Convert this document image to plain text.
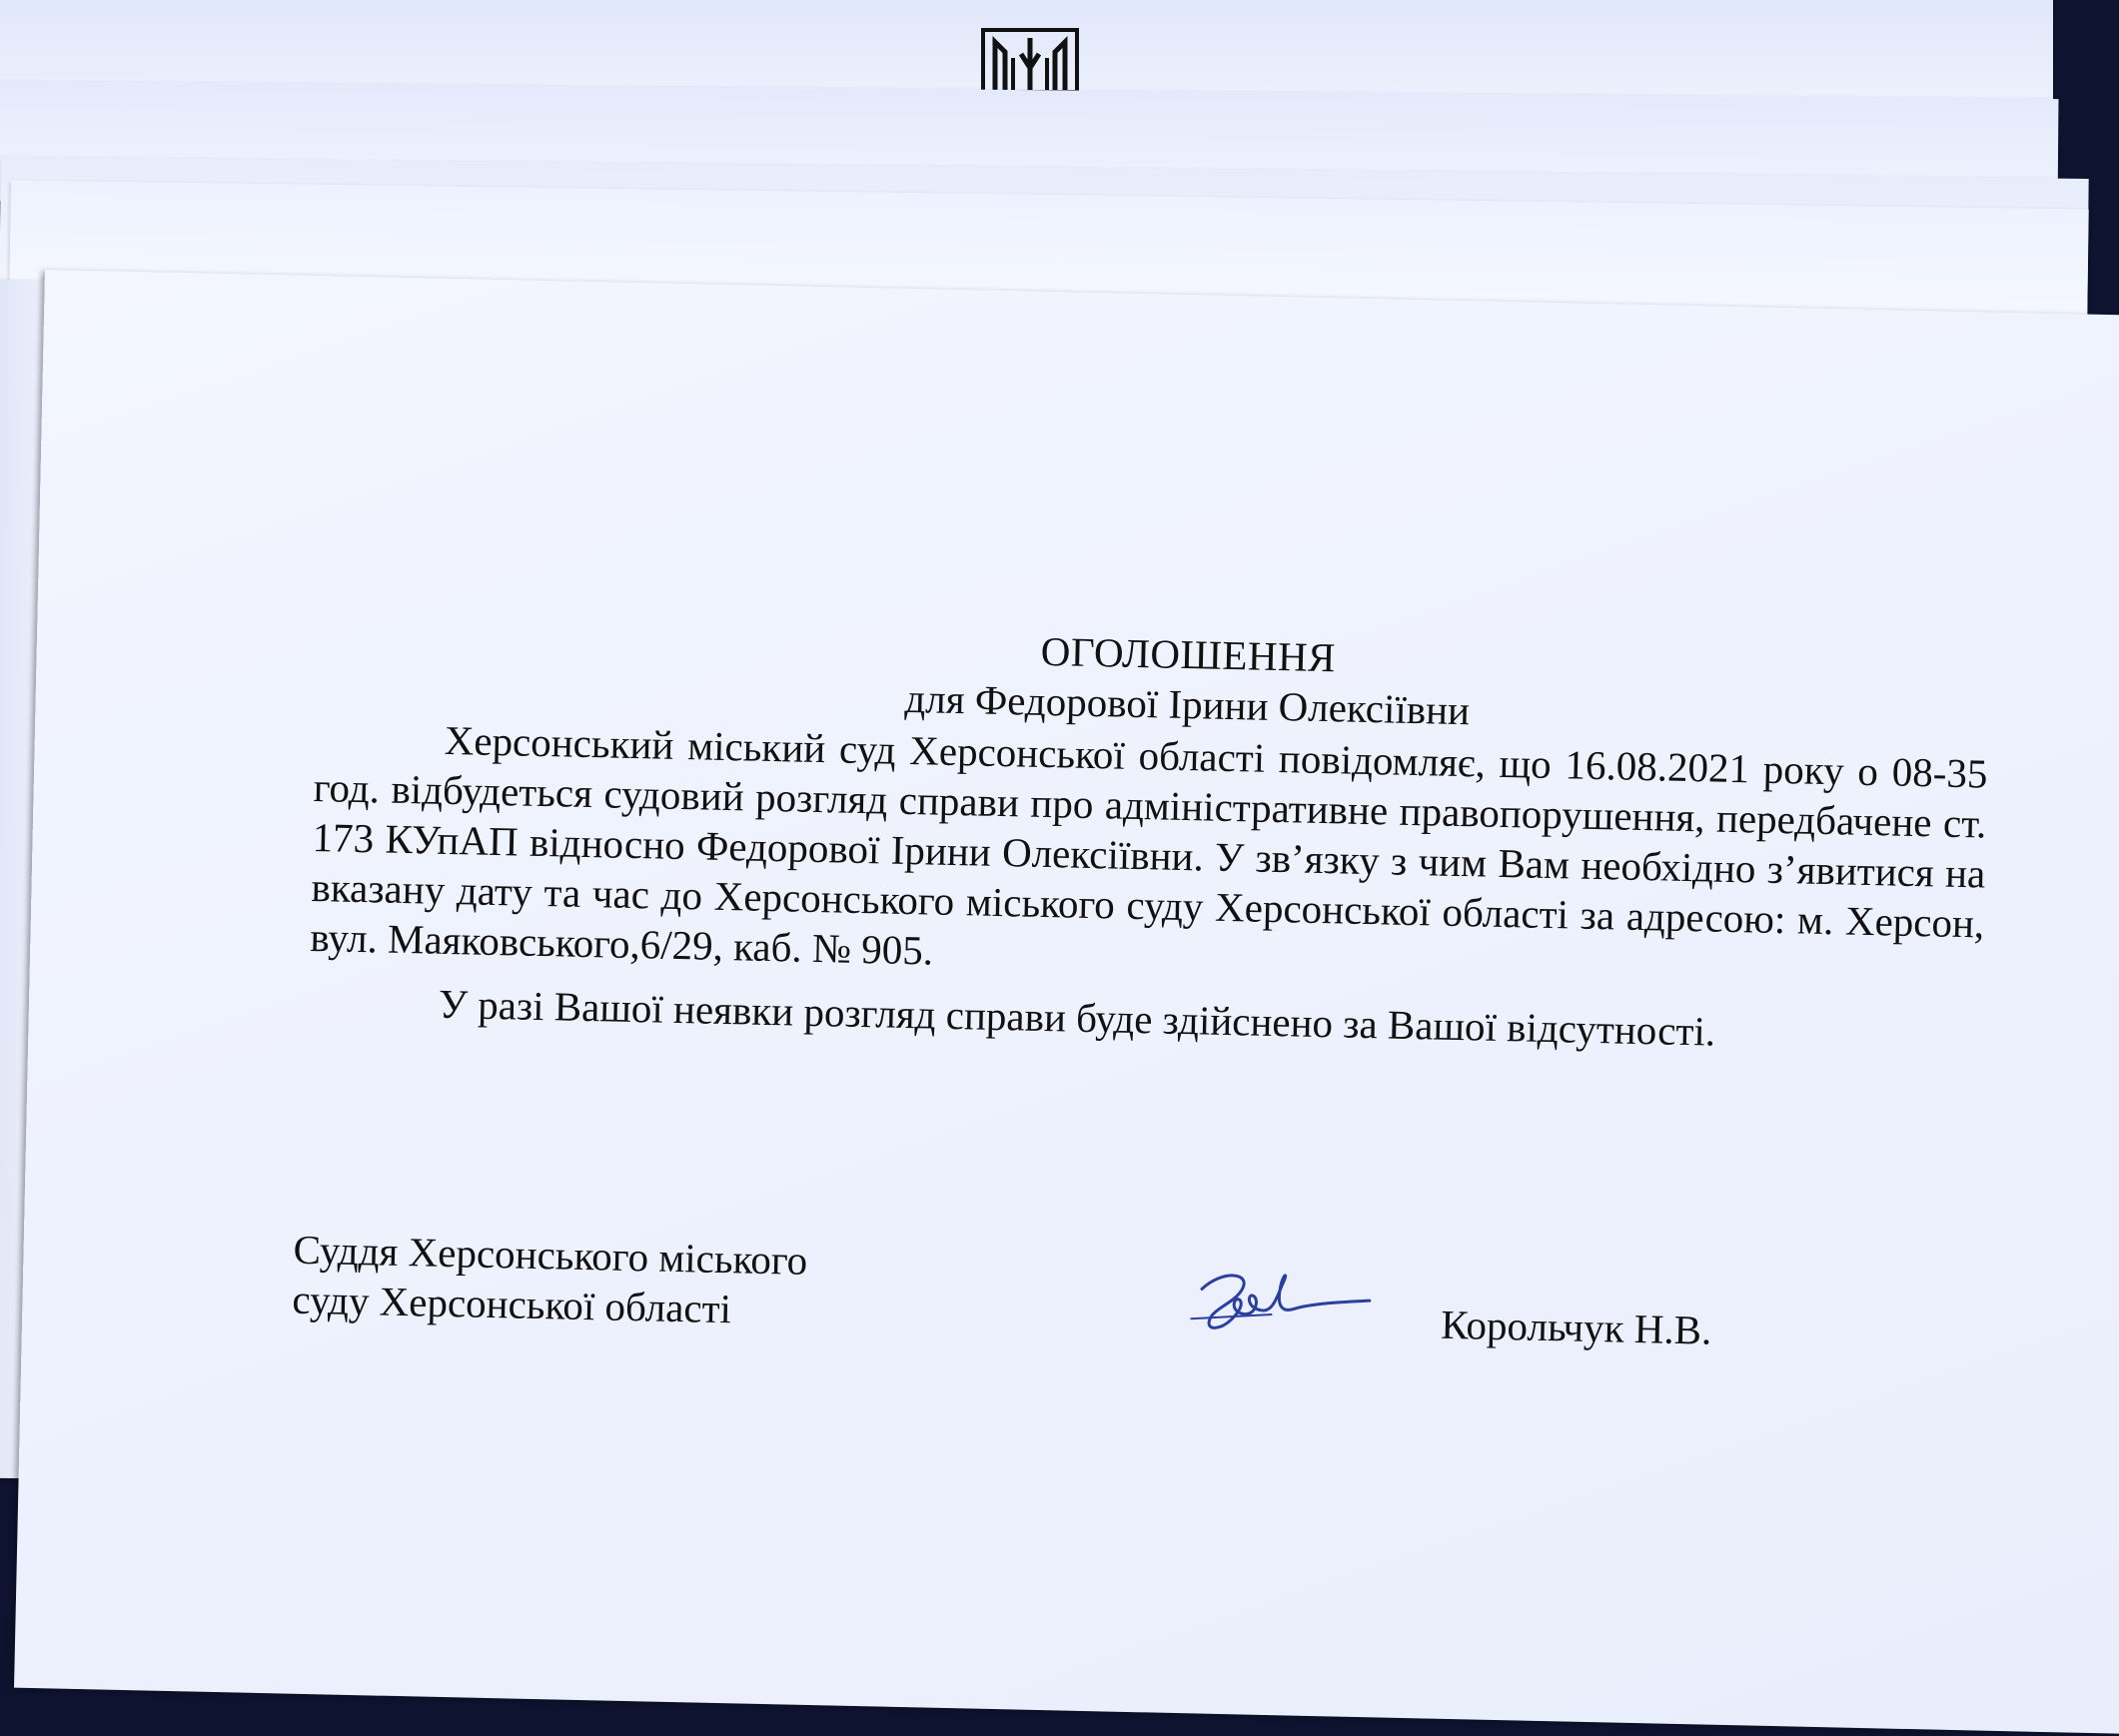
ОГОЛОШЕННЯ

для Федорової Ірини Олексіївни

Херсонський міський суд Херсонської області повідомляє, що 16.08.2021 року о 08-35 год. відбудеться судовий розгляд справи про адміністративне правопорушення, передбачене ст. 173 КУпАП відносно Федорової Ірини Олексіївни. У зв’язку з чим Вам необхідно з’явитися на вказану дату та час до Херсонського міського суду Херсонської області за адресою: м. Херсон, вул. Маяковського,6/29, каб. № 905.

У разі Вашої неявки розгляд справи буде здійснено за Вашої відсутності.

Суддя Херсонського міського
суду Херсонської області	Корольчук Н.В.
